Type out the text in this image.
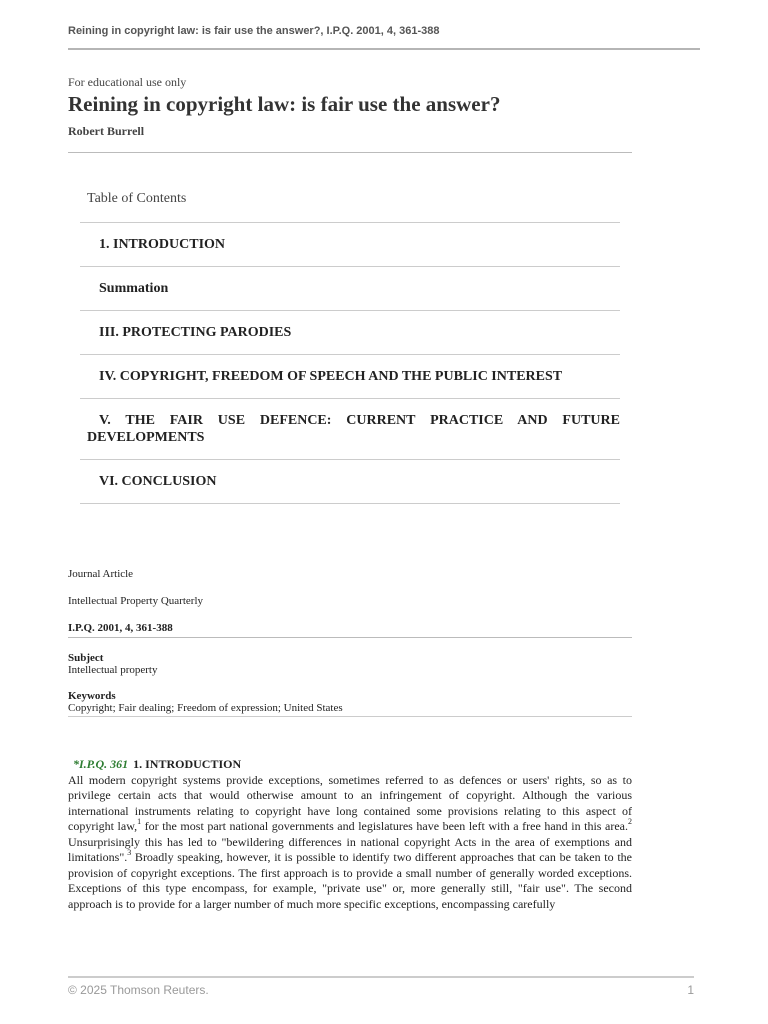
Reining in copyright law: is fair use the answer?, I.P.Q. 2001, 4, 361-388
For educational use only
Reining in copyright law: is fair use the answer?
Robert Burrell
Table of Contents
1. INTRODUCTION
Summation
III. PROTECTING PARODIES
IV. COPYRIGHT, FREEDOM OF SPEECH AND THE PUBLIC INTEREST
V. THE FAIR USE DEFENCE: CURRENT PRACTICE AND FUTURE DEVELOPMENTS
VI. CONCLUSION
Journal Article
Intellectual Property Quarterly
I.P.Q. 2001, 4, 361-388
Subject
Intellectual property
Keywords
Copyright; Fair dealing; Freedom of expression; United States
*I.P.Q. 361 1. INTRODUCTION
All modern copyright systems provide exceptions, sometimes referred to as defences or users' rights, so as to privilege certain acts that would otherwise amount to an infringement of copyright. Although the various international instruments relating to copyright have long contained some provisions relating to this aspect of copyright law,$^1$ for the most part national governments and legislatures have been left with a free hand in this area.$^2$ Unsurprisingly this has led to "bewildering differences in national copyright Acts in the area of exemptions and limitations".$^3$ Broadly speaking, however, it is possible to identify two different approaches that can be taken to the provision of copyright exceptions. The first approach is to provide a small number of generally worded exceptions. Exceptions of this type encompass, for example, "private use" or, more generally still, "fair use". The second approach is to provide for a larger number of much more specific exceptions, encompassing carefully
© 2025 Thomson Reuters.	1
